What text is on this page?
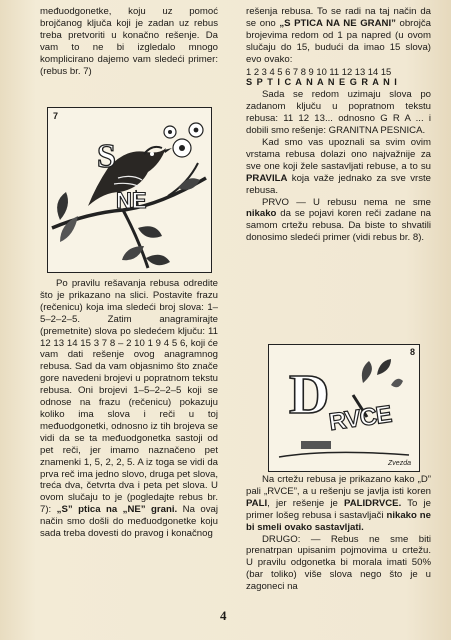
međuodgonetke, koju uz pomoć brojčanog ključa koji je zadan uz rebus treba pretvoriti u konačno rešenje. Da vam to ne bi izgledalo mnogo komplicirano dajemo vam sledeći primer: (rebus br. 7)

7
S
NE

Po pravilu rešavanja rebusa odredite što je prikazano na slici. Postavite frazu (rečenicu) koja ima sledeći broj slova: 1–5–2–2–5. Zatim anagramirajte (premetnite) slova po sledećem ključu: 11 12 13 14 15 3 7 8 – 2 10 1 9 4 5 6, koji će vam dati rešenje ovog anagramnog rebusa. Sad da vam objasnimo što znače gore navedeni brojevi u popratnom tekstu rebusa. Oni brojevi 1–5–2–2–5 koji se odnose na frazu (rečenicu) pokazuju koliko ima slova i reči u toj međuodgonetki, odnosno iz tih brojeva se vidi da se ta međuodgonetka sastoji od pet reči, jer imamo naznačeno pet znamenki 1, 5, 2, 2, 5. A iz toga se vidi da prva reč ima jedno slovo, druga pet slova, treća dva, četvrta dva i peta pet slova. U ovom slučaju to je (pogledajte rebus br. 7): „S” ptica na „NE” grani. Na ovaj način smo došli do međuodgonetke koju sada treba dovesti do pravog i konačnog

rešenja rebusa. To se radi na taj način da se ono „S PTICA NA NE GRANI” obrojča brojevima redom od 1 pa napred (u ovom slučaju do 15, budući da imao 15 slova) evo ovako:

1 2 3 4 5 6 7 8 9 10 11 12 13 14 15

S P T I C A N A N E G R A N I

Sada se redom uzimaju slova po zadanom ključu u popratnom tekstu rebusa: 11 12 13... odnosno G R A ... i dobili smo rešenje: GRANITNA PESNICA.

Kad smo vas upoznali sa svim ovim vrstama rebusa dolazi ono najvažnije za sve one koji žele sastavljati rebuse, a to su PRAVILA koja važe jednako za sve vrste rebusa.

PRVO — U rebusu nema ne sme nikako da se pojavi koren reči zadane na samom crtežu rebusa. Da biste to shvatili donosimo sledeći primer (vidi rebus br. 8).

8
D
RVCE
Zvezda

Na crtežu rebusa je prikazano kako „D” pali „RVCE”, a u rešenju se javlja isti koren PALI, jer rešenje je PALIDRVCE. To je primer lošeg rebusa i sastavljači nikako ne bi smeli ovako sastavljati.

DRUGO: — Rebus ne sme biti prenatrpan upisanim pojmovima u crtežu. U pravilu odgonetka bi morala imati 50% (bar toliko) više slova nego što je u zagoneci na

4
